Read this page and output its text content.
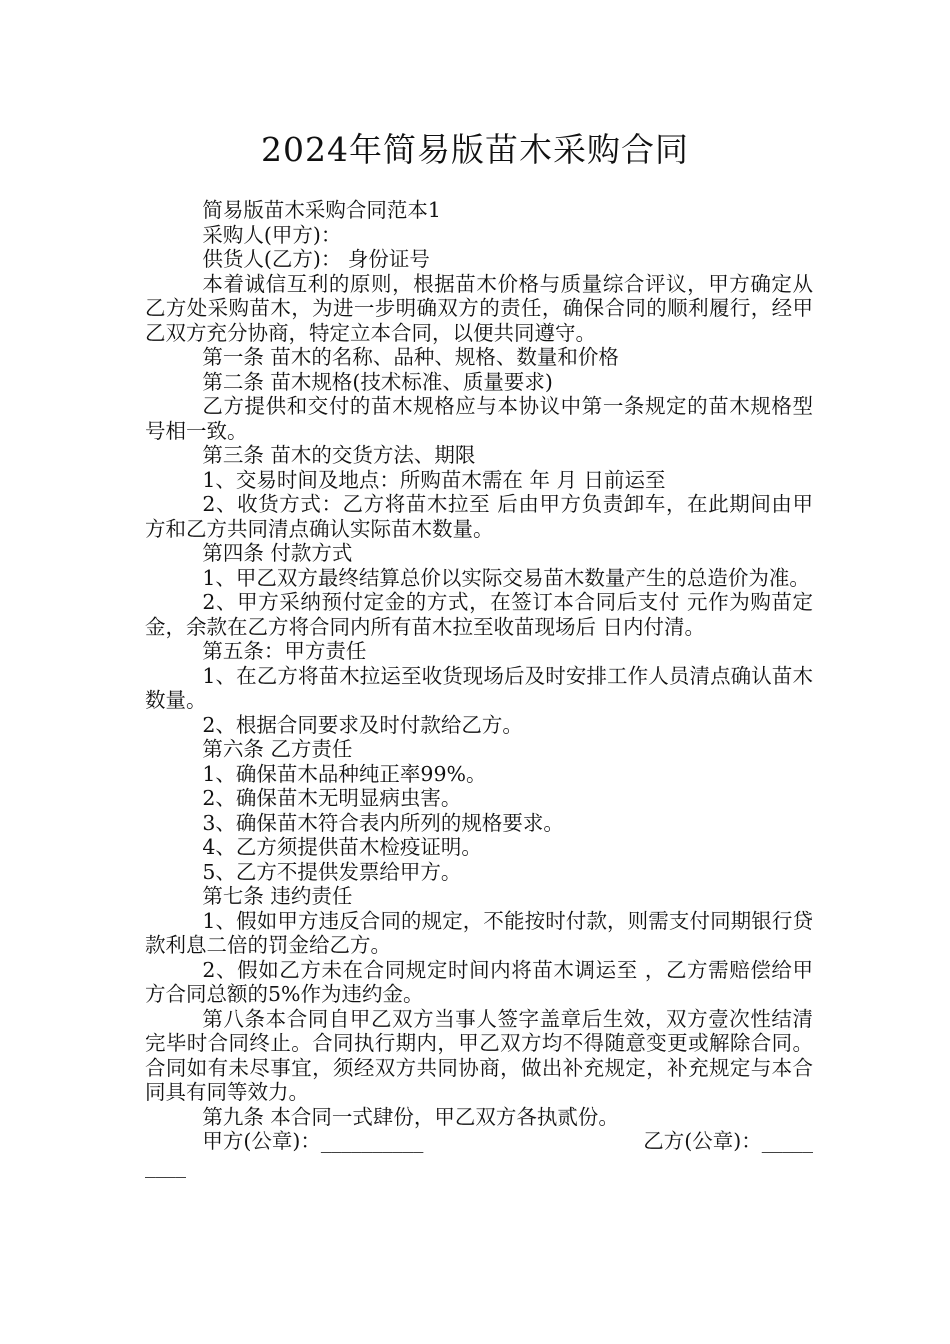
2024年简易版苗木采购合同

简易版苗木采购合同范本1

采购人(甲方)：

供货人(乙方)： 身份证号

本着诚信互利的原则，根据苗木价格与质量综合评议，甲方确定从乙方处采购苗木，为进一步明确双方的责任，确保合同的顺利履行，经甲乙双方充分协商，特定立本合同，以便共同遵守。

第一条 苗木的名称、品种、规格、数量和价格

第二条 苗木规格(技术标准、质量要求)

乙方提供和交付的苗木规格应与本协议中第一条规定的苗木规格型号相一致。

第三条 苗木的交货方法、期限

1、交易时间及地点：所购苗木需在 年 月 日前运至

2、收货方式：乙方将苗木拉至 后由甲方负责卸车，在此期间由甲方和乙方共同清点确认实际苗木数量。

第四条 付款方式

1、甲乙双方最终结算总价以实际交易苗木数量产生的总造价为准。

2、甲方采纳预付定金的方式，在签订本合同后支付 元作为购苗定金，余款在乙方将合同内所有苗木拉至收苗现场后 日内付清。

第五条：甲方责任

1、在乙方将苗木拉运至收货现场后及时安排工作人员清点确认苗木数量。

2、根据合同要求及时付款给乙方。

第六条 乙方责任

1、确保苗木品种纯正率99%。

2、确保苗木无明显病虫害。

3、确保苗木符合表内所列的规格要求。

4、乙方须提供苗木检疫证明。

5、乙方不提供发票给甲方。

第七条 违约责任

1、假如甲方违反合同的规定，不能按时付款，则需支付同期银行贷款利息二倍的罚金给乙方。

2、假如乙方未在合同规定时间内将苗木调运至 ，乙方需赔偿给甲方合同总额的5%作为违约金。

第八条本合同自甲乙双方当事人签字盖章后生效，双方壹次性结清完毕时合同终止。合同执行期内，甲乙双方均不得随意变更或解除合同。合同如有未尽事宜，须经双方共同协商，做出补充规定，补充规定与本合同具有同等效力。

第九条 本合同一式肆份，甲乙双方各执贰份。

甲方(公章)：__________	乙方(公章)：_____
____
